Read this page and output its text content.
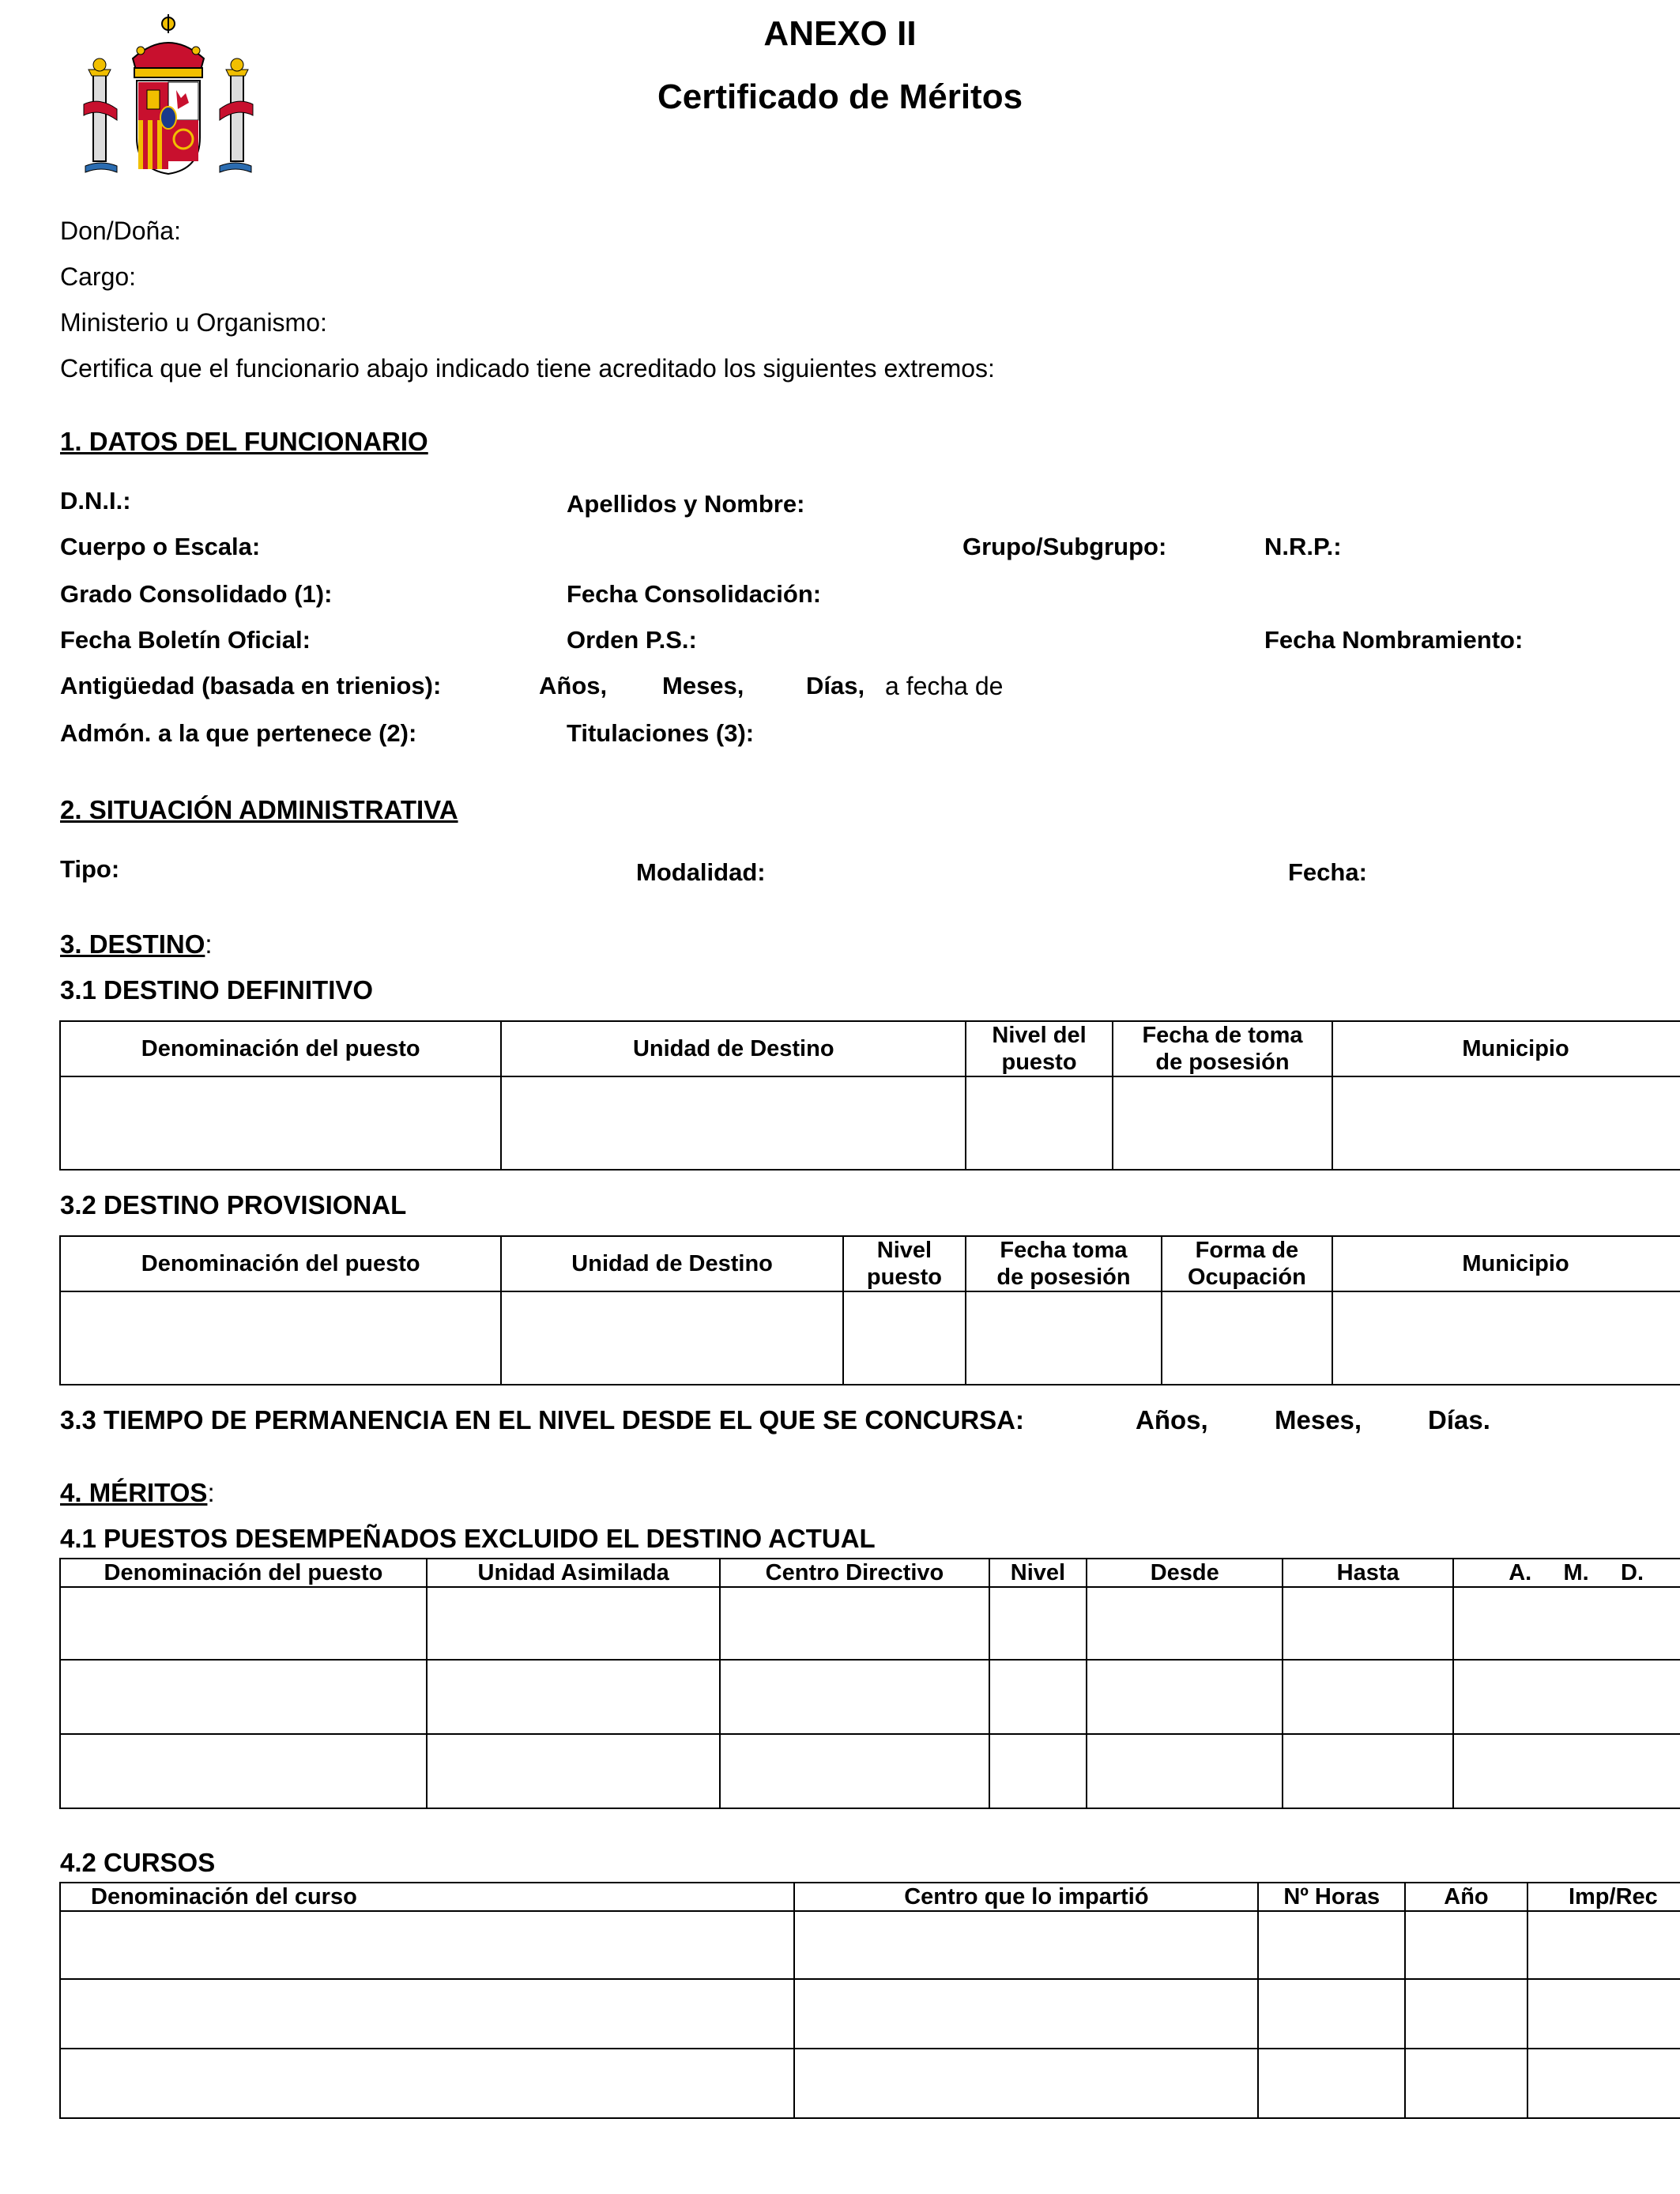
ANEXO II
Certificado de Méritos
Don/Doña:
Cargo:
Ministerio u Organismo:
Certifica que el funcionario abajo indicado tiene acreditado los siguientes extremos:
1. DATOS DEL FUNCIONARIO
D.N.I.:	Apellidos y Nombre:
Cuerpo o Escala:	Grupo/Subgrupo:	N.R.P.:
Grado Consolidado (1):	Fecha Consolidación:
Fecha Boletín Oficial:	Orden P.S.:	Fecha Nombramiento:
Antigüedad (basada en trienios):	Años, Meses,	Días, a fecha de
Admón. a la que pertenece (2):	Titulaciones (3):
2. SITUACIÓN ADMINISTRATIVA
Tipo:	Modalidad:	Fecha:
3. DESTINO:
3.1 DESTINO DEFINITIVO
Denominación del puesto	Unidad de Destino	Nivel del puesto	Fecha de toma de posesión	Municipio

3.2 DESTINO PROVISIONAL
Denominación del puesto	Unidad de Destino	Nivel puesto	Fecha toma de posesión	Forma de Ocupación	Municipio

3.3 TIEMPO DE PERMANENCIA EN EL NIVEL DESDE EL QUE SE CONCURSA:	Años,	Meses,	Días.
4. MÉRITOS:
4.1 PUESTOS DESEMPEÑADOS EXCLUIDO EL DESTINO ACTUAL
Denominación del puesto	Unidad Asimilada	Centro Directivo	Nivel	Desde	Hasta	A.     M.     D.

4.2 CURSOS
Denominación del curso	Centro que lo impartió	Nº Horas	Año	Imp/Rec
